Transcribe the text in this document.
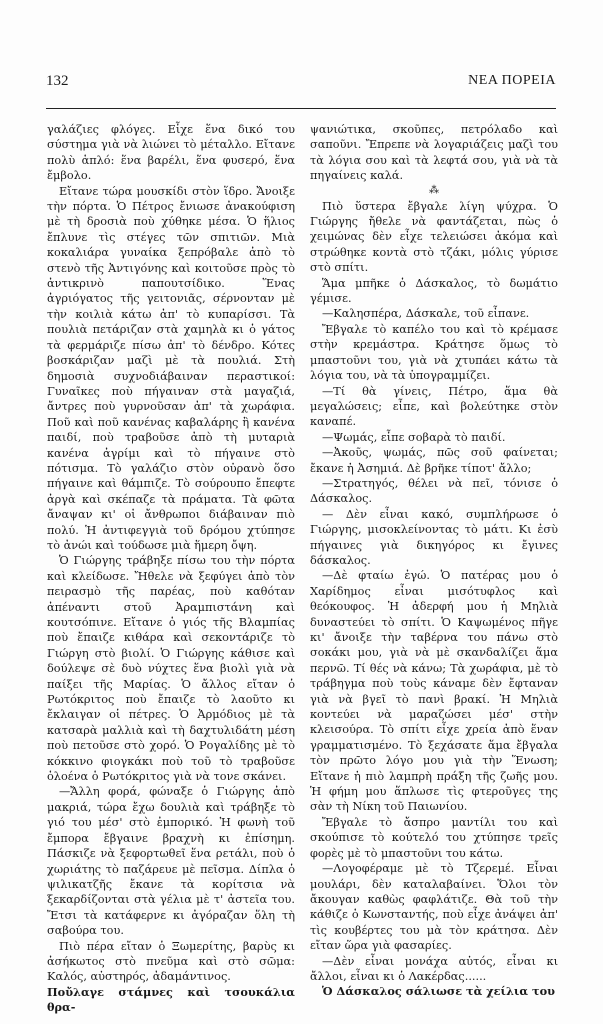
132	ΝΕΑ ΠΟΡΕΙΑ

γαλάζιες φλόγες. Εἶχε ἕνα δικό του σύστημα γιὰ νὰ λιώνει τὸ μέταλλο. Εἴτανε πολὺ ἁπλό: ἕνα βαρέλι, ἕνα φυσερό, ἕνα ἔμβολο.

Εἴτανε τώρα μουσκίδι στὸν ἵδρο. Ἄνοιξε τὴν πόρτα. Ὁ Πέτρος ἔνιωσε ἀνακούφιση μὲ τὴ δροσιὰ ποὺ χύθηκε μέσα. Ὁ ἥλιος ἔπλυνε τὶς στέγες τῶν σπιτιῶν. Μιὰ κοκαλιάρα γυναίκα ξεπρόβαλε ἀπὸ τὸ στενὸ τῆς Ἀντιγόνης καὶ κοιτοῦσε πρὸς τὸ ἀντικρινὸ παπουτσίδικο. Ἕνας ἀγριόγατος τῆς γειτονιᾶς, σέρνονταν μὲ τὴν κοιλιὰ κάτω ἀπ' τὸ κυπαρίσσι. Τὰ πουλιὰ πετάριζαν στὰ χαμηλὰ κι ὁ γάτος τὰ φερμάριζε πίσω ἀπ' τὸ δένδρο. Κότες βοσκάριζαν μαζὶ μὲ τὰ πουλιά. Στὴ δημοσιὰ συχνοδιάβαιναν περαστικοί: Γυναῖκες ποὺ πήγαιναν στὰ μαγαζιά, ἄντρες ποὺ γυρνοῦσαν ἀπ' τὰ χωράφια. Ποῦ καὶ ποῦ κανένας καβαλάρης ἢ κανένα παιδί, ποὺ τραβοῦσε ἀπὸ τὴ μυταριὰ κανένα ἀγρίμι καὶ τὸ πήγαινε στὸ πότισμα. Τὸ γαλάζιο στὸν οὐρανὸ ὅσο πήγαινε καὶ θάμπιζε. Τὸ σούρουπο ἔπεφτε ἀργὰ καὶ σκέπαζε τὰ πράματα. Τὰ φῶτα ἄναψαν κι' οἱ ἄνθρωποι διάβαιναν πιὸ πολύ. Ἡ ἀντιφεγγιὰ τοῦ δρόμου χτύπησε τὸ ἀνώι καὶ τούδωσε μιὰ ἥμερη ὄψη.

Ὁ Γιώργης τράβηξε πίσω του τὴν πόρτα καὶ κλείδωσε. Ἤθελε νὰ ξεφύγει ἀπὸ τὸν πειρασμὸ τῆς παρέας, ποὺ καθόταν ἀπέναντι στοῦ Ἀραμπιστάνη καὶ κουτσόπινε. Εἴτανε ὁ γιός τῆς Βλαμπίας ποὺ ἔπαιζε κιθάρα καὶ σεκοντάριζε τὸ Γιώργη στὸ βιολί. Ὁ Γιώργης κάθισε καὶ δούλεψε σὲ δυὸ νύχτες ἕνα βιολὶ γιὰ νὰ παίξει τῆς Μαρίας. Ὁ ἄλλος εἴταν ὁ Ρωτόκριτος ποὺ ἔπαιζε τὸ λαοῦτο κι ἔκλαιγαν οἱ πέτρες. Ὁ Ἀρμόδιος μὲ τὰ κατσαρὰ μαλλιὰ καὶ τὴ δαχτυλιδάτη μέση ποὺ πετοῦσε στὸ χορό. Ὁ Ρογαλίδης μὲ τὸ κόκκινο φιογκάκι ποὺ τοῦ τὸ τραβοῦσε ὁλοένα ὁ Ρωτόκριτος γιὰ νὰ τονε σκάνει.

—Ἄλλη φορά, φώναξε ὁ Γιώργης ἀπὸ μακριά, τώρα ἔχω δουλιὰ καὶ τράβηξε τὸ γιό του μέσ' στὸ ἐμπορικό. Ἡ φωνὴ τοῦ ἔμπορα ἔβγαινε βραχνὴ κι ἐπίσημη. Πάσκιζε νὰ ξεφορτωθεῖ ἕνα ρετάλι, ποὺ ὁ χωριάτης τὸ παζάρευε μὲ πεῖσμα. Δίπλα ὁ ψιλικατζῆς ἔκανε τὰ κορίτσια νὰ ξεκαρδίζονται στὰ γέλια μὲ τ' ἀστεῖα του. Ἔτσι τὰ κατάφερνε κι ἀγόραζαν ὅλη τὴ σαβούρα του.

Πιὸ πέρα εἴταν ὁ Ξωμερίτης, βαρὺς κι ἀσήκωτος στὸ πνεῦμα καὶ στὸ σῶμα: Καλός, αὐστηρός, ἀδαμάντινος.

Ποὔλαγε στάμνες καὶ τσουκάλια θρα-

ψανιώτικα, σκοῦπες, πετρόλαδο καὶ σαποῦνι. Ἔπρεπε νὰ λογαριάζεις μαζὶ του τὰ λόγια σου καὶ τὰ λεφτά σου, γιὰ νὰ τὰ πηγαίνεις καλά.

⁂

Πιὸ ὕστερα ἔβγαλε λίγη ψύχρα. Ὁ Γιώργης ἤθελε νὰ φαντάζεται, πὼς ὁ χειμώνας δὲν εἶχε τελειώσει ἀκόμα καὶ στρώθηκε κοντὰ στὸ τζάκι, μόλις γύρισε στὸ σπίτι.

Ἅμα μπῆκε ὁ Δάσκαλος, τὸ δωμάτιο γέμισε.

—Καλησπέρα, Δάσκαλε, τοῦ εἶπανε.

Ἔβγαλε τὸ καπέλο του καὶ τὸ κρέμασε στὴν κρεμάστρα. Κράτησε ὅμως τὸ μπαστοῦνι του, γιὰ νὰ χτυπάει κάτω τὰ λόγια του, νὰ τὰ ὑπογραμμίζει.

—Τί θὰ γίνεις, Πέτρο, ἅμα θὰ μεγαλώσεις; εἶπε, καὶ βολεύτηκε στὸν καναπέ.

—Ψωμάς, εἶπε σοβαρὰ τὸ παιδί.

—Ἀκοῦς, ψωμάς, πῶς σοῦ φαίνεται; ἔκανε ἡ Ἀσημιά. Δὲ βρῆκε τίποτ' ἄλλο;

—Στρατηγός, θέλει νὰ πεῖ, τόνισε ὁ Δάσκαλος.

— Δὲν εἶναι κακό, συμπλήρωσε ὁ Γιώργης, μισοκλείνοντας τὸ μάτι. Κι ἐσὺ πήγαινες γιὰ δικηγόρος κι ἔγινες δάσκαλος.

—Δὲ φταίω ἐγώ. Ὁ πατέρας μου ὁ Χαρίδημος εἶναι μισότυφλος καὶ θεόκουφος. Ἡ ἀδερφή μου ἡ Μηλιὰ δυναστεύει τὸ σπίτι. Ὁ Καψωμένος πῆγε κι' ἄνοιξε τὴν ταβέρνα του πάνω στὸ σοκάκι μου, γιὰ νὰ μὲ σκανδαλίζει ἅμα περνῶ. Τί θές νὰ κάνω; Τὰ χωράφια, μὲ τὸ τράβηγμα ποὺ τοὺς κάναμε δὲν ἔφταναν γιὰ νὰ βγεῖ τὸ πανὶ βρακί. Ἡ Μηλιὰ κοντεύει νὰ μαραζώσει μέσ' στὴν κλεισούρα. Τὸ σπίτι εἶχε χρεία ἀπὸ ἕναν γραμματισμένο. Τὸ ξεχάσατε ἅμα ἔβγαλα τὸν πρῶτο λόγο μου γιὰ τὴν Ἕνωση; Εἴτανε ἡ πιὸ λαμπρὴ πράξη τῆς ζωῆς μου. Ἡ φήμη μου ἅπλωσε τὶς φτεροῦγες της σὰν τὴ Νίκη τοῦ Παιωνίου.

Ἔβγαλε τὸ ἄσπρο μαντίλι του καὶ σκούπισε τὸ κούτελό του χτύπησε τρεῖς φορὲς μὲ τὸ μπαστοῦνι του κάτω.

—Λογοφέραμε μὲ τὸ Τζερεμέ. Εἶναι μουλάρι, δὲν καταλαβαίνει. Ὅλοι τὸν ἄκουγαν καθὼς φαφλάτιζε. Θὰ τοῦ τὴν κάθιζε ὁ Κωνσταντής, ποὺ εἶχε ἀνάψει ἀπ' τὶς κουβέρτες του μὰ τὸν κράτησα. Δὲν εἴταν ὥρα γιὰ φασαρίες.

—Δὲν εἶναι μονάχα αὐτός, εἶναι κι ἄλλοι, εἶναι κι ὁ Λακέρδας......

Ὁ Δάσκαλος σάλιωσε τὰ χείλια του
